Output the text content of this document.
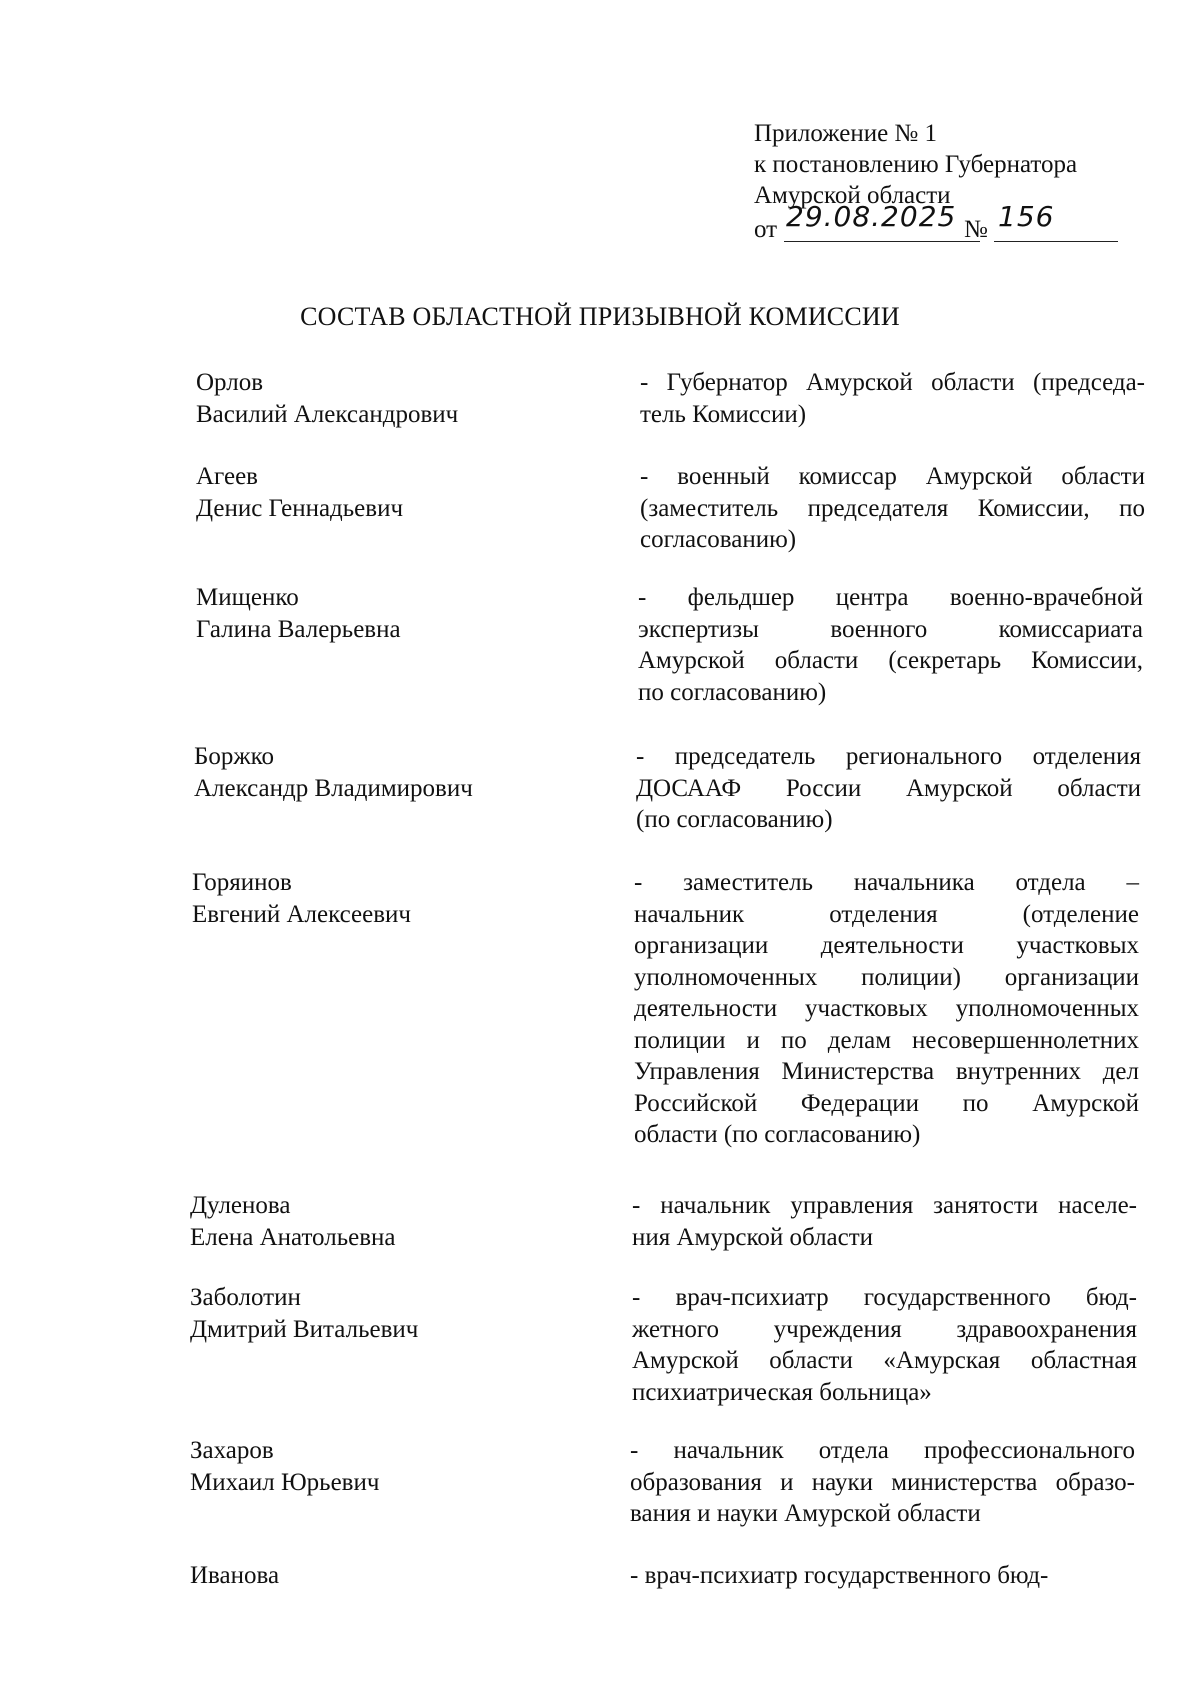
Приложение № 1
к постановлению Губернатора
Амурской области
от 29.08.2025 № 156
СОСТАВ ОБЛАСТНОЙ ПРИЗЫВНОЙ КОМИССИИ
Орлов
Василий Александрович
- Губернатор Амурской области (председа-
тель Комиссии)
Агеев
Денис Геннадьевич
- военный комиссар Амурской области
(заместитель председателя Комиссии, по
согласованию)
Мищенко
Галина Валерьевна
- фельдшер центра военно-врачебной
экспертизы военного комиссариата
Амурской области (секретарь Комиссии,
по согласованию)
Боржко
Александр Владимирович
- председатель регионального отделения
ДОСААФ России Амурской области
(по согласованию)
Горяинов
Евгений Алексеевич
- заместитель начальника отдела –
начальник отделения (отделение
организации деятельности участковых
уполномоченных полиции) организации
деятельности участковых уполномоченных
полиции и по делам несовершеннолетних
Управления Министерства внутренних дел
Российской Федерации по Амурской
области (по согласованию)
Дуленова
Елена Анатольевна
- начальник управления занятости населе-
ния Амурской области
Заболотин
Дмитрий Витальевич
- врач-психиатр государственного бюд-
жетного учреждения здравоохранения
Амурской области «Амурская областная
психиатрическая больница»
Захаров
Михаил Юрьевич
- начальник отдела профессионального
образования и науки министерства образо-
вания и науки Амурской области
Иванова	- врач-психиатр государственного бюд-
